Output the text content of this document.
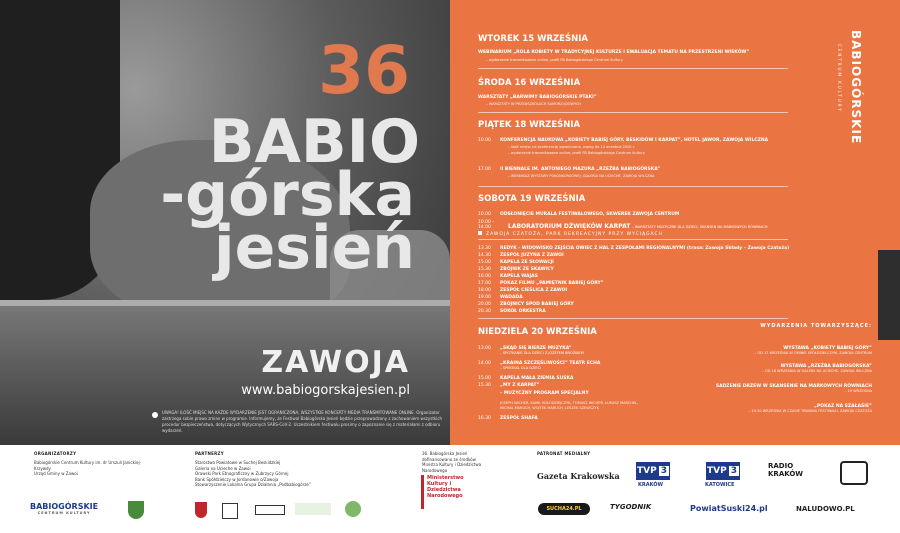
36
BABIO
-górska
jesień
ZAWOJA
www.babiogorskajesien.pl
UWAGA! ILOŚĆ MIEJSC NA KAŻDE WYDARZENIE JEST OGRANICZONA, WSZYSTKIE KONCERTY MEDIA TRANSMITOWANE ONLINE. Organizator zastrzega sobie prawo zmian w programie. Informujemy, że Festiwal Babiogórska Jesień będzie przeprowadzony z zachowaniem wszystkich procedur bezpieczeństwa, dotyczących Wytycznych SARS-CoV-2. Uczestnikiem festiwalu prosimy o zapoznanie się z materiałami z odbioru wydarzeń.
WTOREK 15 WRZEŚNIA
WEBINARIUM „ROLA KOBIETY W TRADYCYJNEJ KULTURZE I EWALUACJA TEMATU NA PRZESTRZENI WIEKÓW”
– wydarzenie transmitowane online, profil FB Babiogórskiego Centrum Kultury
ŚRODA 16 WRZEŚNIA
WARSZTATY „BARWIMY BABIOGÓRSKIE PTAKI”
– WARSZTATY W PRZEDSZKOLACH SAMORZĄDOWYCH
PIĄTEK 18 WRZEŚNIA
10.00 KONFERENCJA NAUKOWA „KOBIETY BABIEJ GÓRY, BESKIDÓW I KARPAT”, HOTEL JAWOR, ZAWOJA WILCZNA
– ilość miejsc na konferencję ograniczona, zapisy do 14 września 2020 r.
– wydarzenie transmitowane online, profil FB Babiogórskiego Centrum Kultury
17.00 II BIENNALE IM. ANTONIEGO MAZURA „RZEŹBA BABIOGÓRSKA”
– WERNISAŻ WYSTAWY POKONKURSOWEJ, GALERIA NA UCIECHE, ZAWOJA WILCZNA
SOBOTA 19 WRZEŚNIA
10.00 ODSŁONIĘCIE MURALA FESTIWALOWEGO, SKWEREK ZAWOJA CENTRUM
10.00 - 14.00	LABORATORIUM DŹWIĘKÓW KARPAT – WARSZTATY MUZYCZNE DLA DZIECI, SKANSEN NA MARKOWYCH RÓWNIACH
ZAWOJA CZATOŻA, PARK REKREACYJNY PRZY WYCIĄGACH
13.30 REDYK - WIDOWISKO ZEJŚCIA OWIEC Z HAL Z ZESPOŁAMI REGIONALNYMI (trasa: Zawoja Składy – Zawoja Czatoża)
14.30 ZESPÓŁ JUZYNA Z ZAWOI
15.00 KAPELA ZE SŁOWACJI
15.30 ZBÓJNIK ZE SKAWICY
16.00 KAPELA WAJAS
17.00 POKAZ FILMU „PAMIĘTNIK BABIEJ GÓRY”
18.00 ZESPÓŁ CIEŚLICA Z ZAWOI
19.00 WADADA
20.00 ZBÓJNICY SPOD BABIEJ GÓRY
20.30 SOKÓŁ ORKESTRA
NIEDZIELA 20 WRZEŚNIA
13.00 „SKĄD SIĘ BIERZE MUZYKA”
– SPOTKANIE DLA DZIECI Z JÓZEFEM BROŻKIEM
14.00 „KRAINA SZCZĘŚLIWOŚCI” TEATR ECHA
– SPEKTAKL DLA DZIECI
15.00 KAPELA MAŁA ZIEMIA SUSKA
15.30 „MY Z KARPAT”
– MUZYCZNY PROGRAM SPECJALNY
JOSEPH WICHER, KAMIL KOŁODZIEJCZYK, TOMASZ WICHER, ŁUKASZ MARCHEL, MICHAŁ MARUCH, WOJTEK MARUCH, LESZEK SZEWCZYK
16.30 ZESPÓŁ SHAFA
WYDARZENIA TOWARZYSZĄCE:
WYSTAWA „KOBIETY BABIEJ GÓRY”
– OD 17 WRZEŚNIA W GMINIE SPÓŁDZIELCZYM, ZAWOJA CENTRUM
WYSTAWA „RZEŹBA BABIOGÓRSKA”
– OD 18 WRZEŚNIA W GALERII NA UCIECHE, ZAWOJA WILCZNA
SADZENIE DRZEW W SKANSENIE NA MARKOWYCH RÓWNIACH
– 19 WRZEŚNIA
„POKAZ NA SZAŁAŚIE”
– 19-30 WRZEŚNIA W CZASIE TRWANIA FESTIWALU, ZAWOJA CZATOŻA
BABIOGÓRSKIE
CENTRUM KULTURY
ORGANIZATORZY
Babiogórskie Centrum Kultury im. dr Urszuli Janickiej-Krzywdy
Urząd Gminy w Zawoi
BABIOGÓRSKIE
CENTRUM KULTURY
PARTNERZY
Starostwo Powiatowe w Suchej Beskidzkiej
Galeria na Uciechе w Zawoi
Orawski Park Etnograficzny w Zubrzycy Górnej
Bank Spółdzielczy w Jordanowie o/Zawoja
Stowarzyszenie Lokalna Grupa Działania „Podbabiogórze”
36. Babiogórska Jesień dofinansowano ze środków Ministra Kultury i Dziedzictwa Narodowego
Ministerstwo Kultury i Dziedzictwa Narodowego
PATRONAT MEDIALNY
Gazeta Krakowska TVP 3
KRAKÓW
TVP 3
KATOWICE
RADIO KRAKÓW
SUCHA24.PL	TYGODNIK	PowiatSuski24.pl	NALUDOWO.PL
